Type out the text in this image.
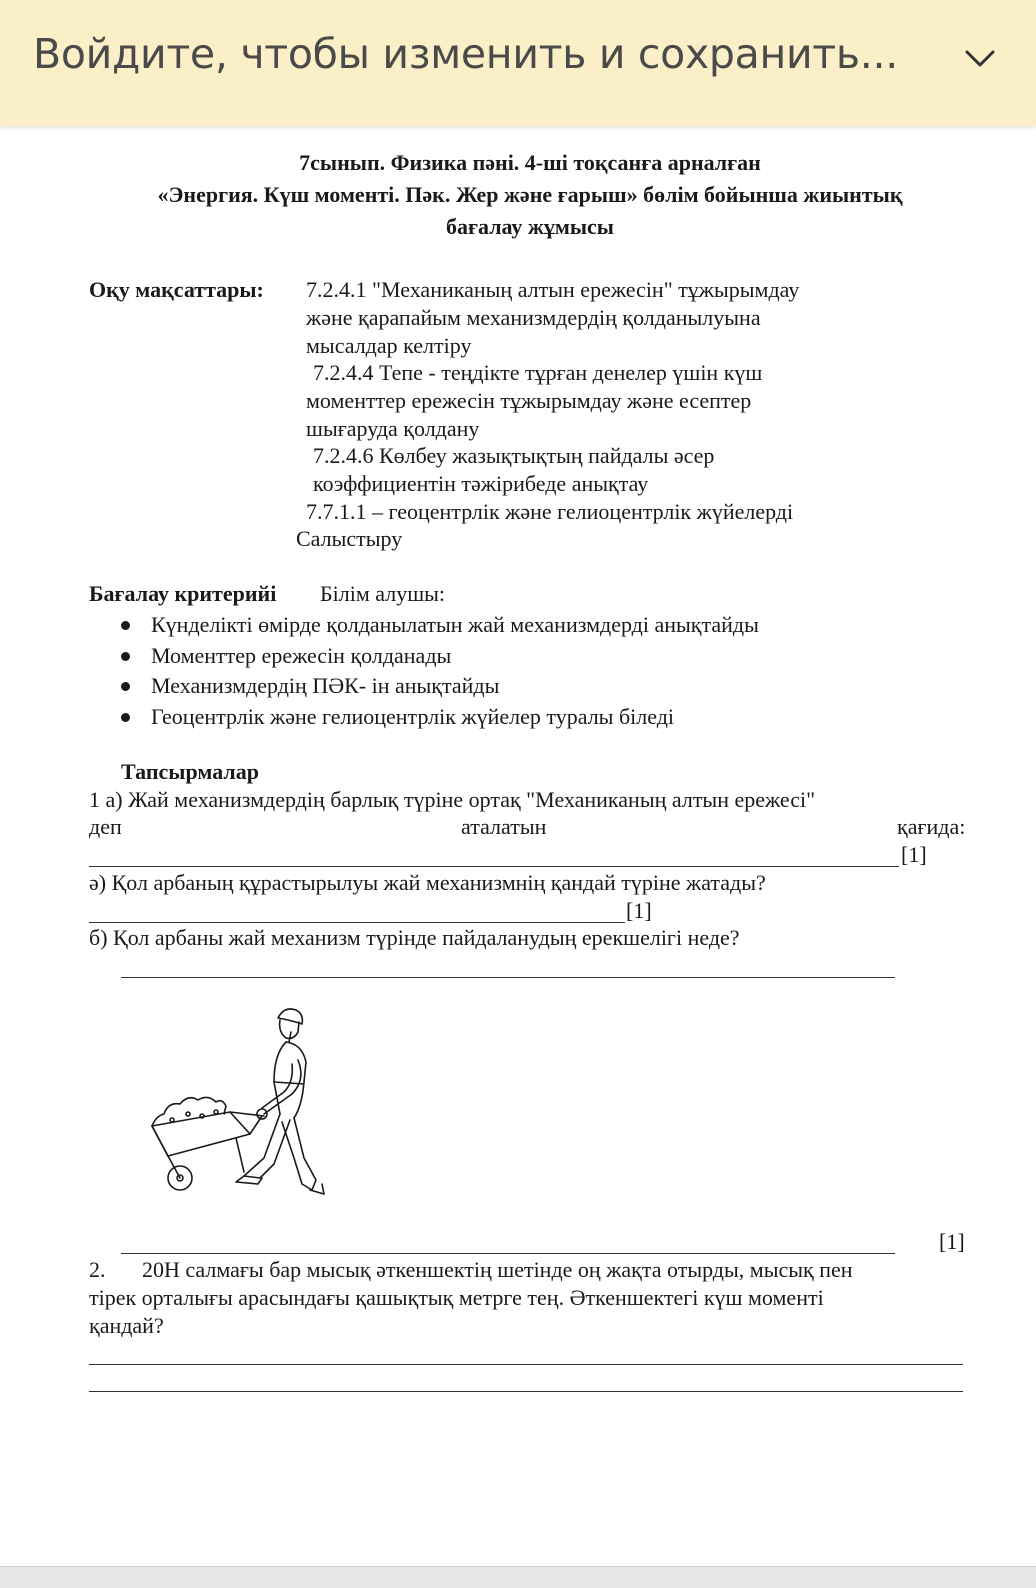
Войдите, чтобы изменить и сохранить...
7сынып. Физика пәні. 4-ші тоқсанға арналған
«Энергия. Күш моменті. Пәк. Жер және ғарыш» бөлім бойынша жиынтық
бағалау жұмысы
Оқу мақсаттары: 7.2.4.1 "Механиканың алтын ережесін" тұжырымдау
және қарапайым механизмдердің қолданылуына
мысалдар келтіру
7.2.4.4 Тепе - теңдікте тұрған денелер үшін күш
моменттер ережесін тұжырымдау және есептер
шығаруда қолдану
7.2.4.6 Көлбеу жазықтықтың пайдалы әсер
коэффициентін тәжірибеде анықтау
7.7.1.1 – геоцентрлік және гелиоцентрлік жүйелерді
Салыстыру
Бағалау критерийі Білім алушы:
Күнделікті өмірде қолданылатын жай механизмдерді анықтайды
Моменттер ережесін қолданады
Механизмдердің ПӘК- ін анықтайды
Геоцентрлік және гелиоцентрлік жүйелер туралы біледі
Тапсырмалар
1 а) Жай механизмдердің барлық түріне ортақ "Механиканың алтын ережесі"
деп	аталатын	қағида:
[1]
ә) Қол арбаның құрастырылуы жай механизмнің қандай түріне жатады?
[1]
б) Қол арбаны жай механизм түрінде пайдаланудың ерекшелігі неде?
[1]
2. 20Н салмағы бар мысық әткеншектің шетінде оң жақта отырды, мысық пен
тірек орталығы арасындағы қашықтық метрге тең. Әткеншектегі күш моменті
қандай?
